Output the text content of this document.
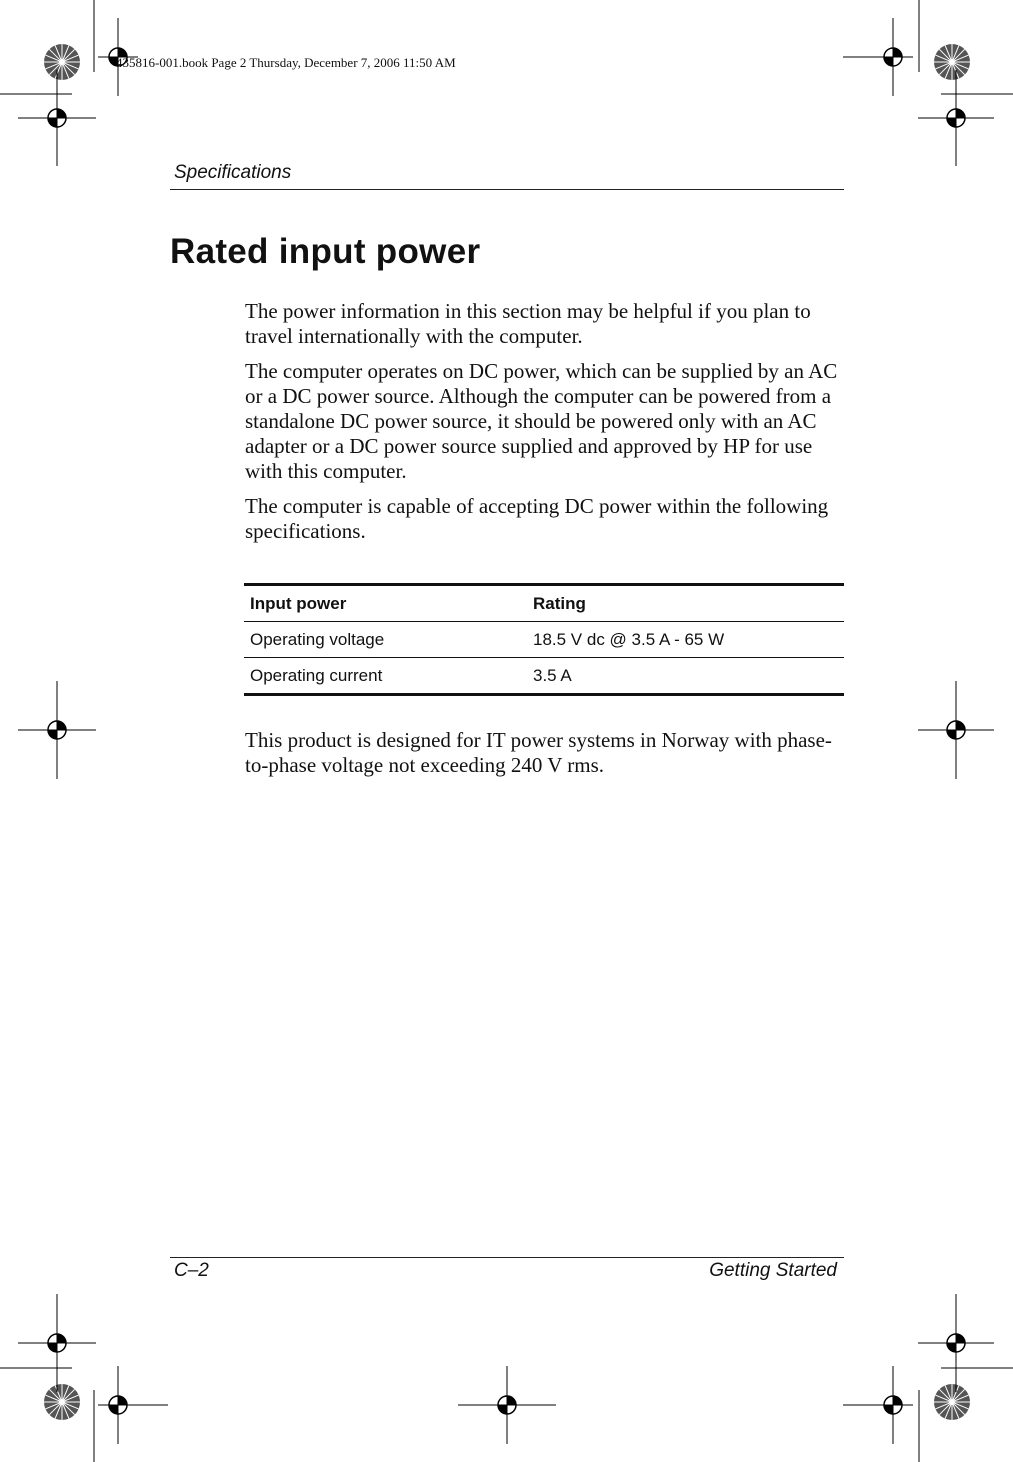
435816-001.book Page 2 Thursday, December 7, 2006 11:50 AM
Specifications
Rated input power

The power information in this section may be helpful if you plan to travel internationally with the computer.

The computer operates on DC power, which can be supplied by an AC or a DC power source. Although the computer can be powered from a standalone DC power source, it should be powered only with an AC adapter or a DC power source supplied and approved by HP for use with this computer.

The computer is capable of accepting DC power within the following specifications.

Input power	Rating
Operating voltage	18.5 V dc @ 3.5 A - 65 W
Operating current	3.5 A

This product is designed for IT power systems in Norway with phase-to-phase voltage not exceeding 240 V rms.

C–2	Getting Started
